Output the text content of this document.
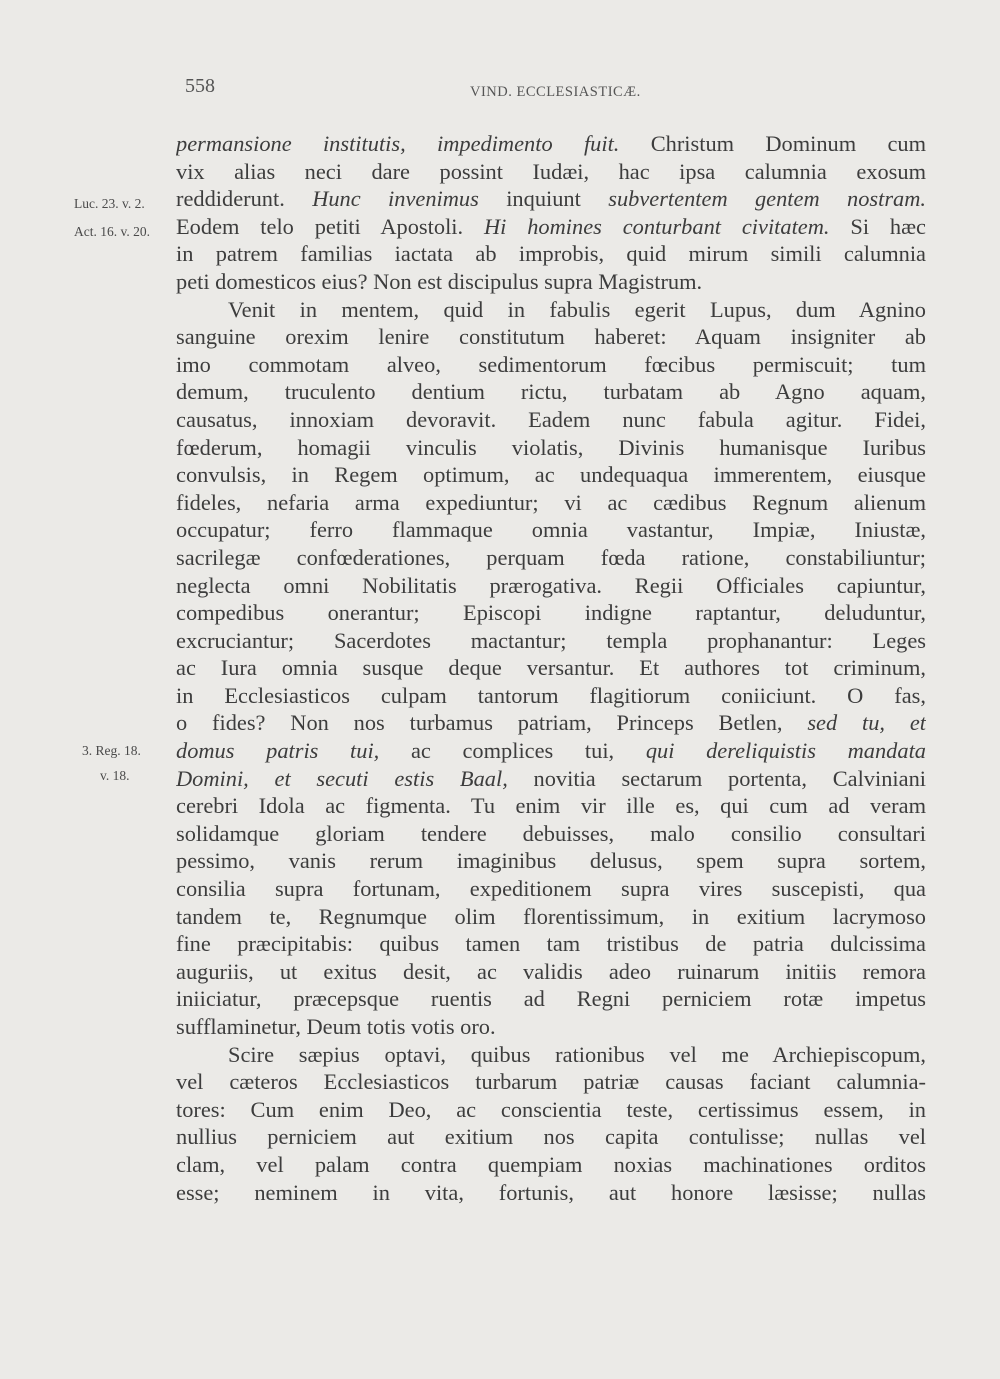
558	VIND. ECCLESIASTICÆ.
Luc. 23. v. 2.
Act. 16. v. 20.
3. Reg. 18.
v. 18.
permansione institutis, impedimento fuit. Christum Dominum cum
vix alias neci dare possint Iudæi, hac ipsa calumnia exosum
reddiderunt. Hunc invenimus inquiunt subvertentem gentem nostram.
Eodem telo petiti Apostoli. Hi homines conturbant civitatem. Si hæc
in patrem familias iactata ab improbis, quid mirum simili calumnia
peti domesticos eius? Non est discipulus supra Magistrum.
Venit in mentem, quid in fabulis egerit Lupus, dum Agnino
sanguine orexim lenire constitutum haberet: Aquam insigniter ab
imo commotam alveo, sedimentorum fœcibus permiscuit; tum
demum, truculento dentium rictu, turbatam ab Agno aquam,
causatus, innoxiam devoravit. Eadem nunc fabula agitur. Fidei,
fœderum, homagii vinculis violatis, Divinis humanisque Iuribus
convulsis, in Regem optimum, ac undequaqua immerentem, eiusque
fideles, nefaria arma expediuntur; vi ac cædibus Regnum alienum
occupatur; ferro flammaque omnia vastantur, Impiæ, Iniustæ,
sacrilegæ confœderationes, perquam fœda ratione, constabiliuntur;
neglecta omni Nobilitatis prærogativa. Regii Officiales capiuntur,
compedibus onerantur; Episcopi indigne raptantur, deluduntur,
excruciantur; Sacerdotes mactantur; templa prophanantur: Leges
ac Iura omnia susque deque versantur. Et authores tot criminum,
in Ecclesiasticos culpam tantorum flagitiorum coniiciunt. O fas,
o fides? Non nos turbamus patriam, Princeps Betlen, sed tu, et
domus patris tui, ac complices tui, qui dereliquistis mandata
Domini, et secuti estis Baal, novitia sectarum portenta, Calviniani
cerebri Idola ac figmenta. Tu enim vir ille es, qui cum ad veram
solidamque gloriam tendere debuisses, malo consilio consultari
pessimo, vanis rerum imaginibus delusus, spem supra sortem,
consilia supra fortunam, expeditionem supra vires suscepisti, qua
tandem te, Regnumque olim florentissimum, in exitium lacrymoso
fine præcipitabis: quibus tamen tam tristibus de patria dulcissima
auguriis, ut exitus desit, ac validis adeo ruinarum initiis remora
iniiciatur, præcepsque ruentis ad Regni perniciem rotæ impetus
sufflaminetur, Deum totis votis oro.
Scire sæpius optavi, quibus rationibus vel me Archiepiscopum,
vel cæteros Ecclesiasticos turbarum patriæ causas faciant calumnia-
tores: Cum enim Deo, ac conscientia teste, certissimus essem, in
nullius perniciem aut exitium nos capita contulisse; nullas vel
clam, vel palam contra quempiam noxias machinationes orditos
esse; neminem in vita, fortunis, aut honore læsisse; nullas
